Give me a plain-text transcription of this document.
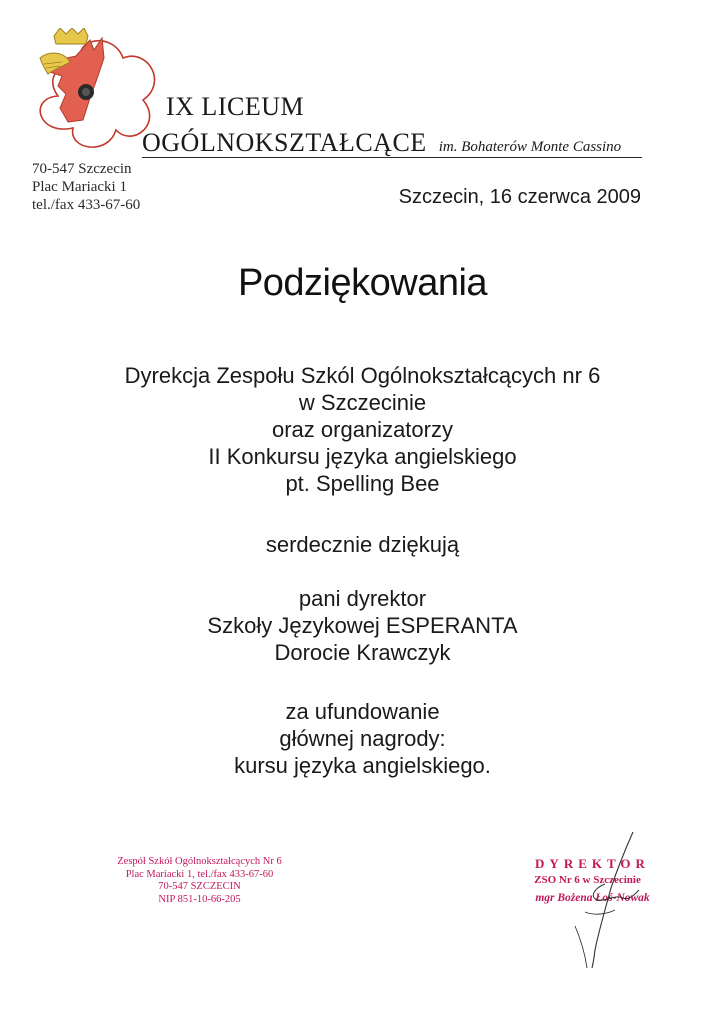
IX LICEUM
OGÓLNOKSZTAŁCĄCE im. Bohaterów Monte Cassino
70-547 Szczecin
Plac Mariacki 1
tel./fax 433-67-60	Szczecin, 16 czerwca 2009
Podziękowania
Dyrekcja Zespołu Szkól Ogólnokształcących nr 6
w Szczecinie
oraz organizatorzy
II Konkursu języka angielskiego
pt. Spelling Bee
serdecznie dziękują
pani dyrektor
Szkoły Językowej ESPERANTA
Dorocie Krawczyk
za ufundowanie
głównej nagrody:
kursu języka angielskiego.
Zespół Szkół Ogólnokształcących Nr 6
Plac Mariacki 1, tel./fax 433-67-60
70-547 SZCZECIN
NIP 851-10-66-205
DYREKTOR
ZSO Nr 6 w Szczecinie
mgr Bożena Łoś-Nowak
